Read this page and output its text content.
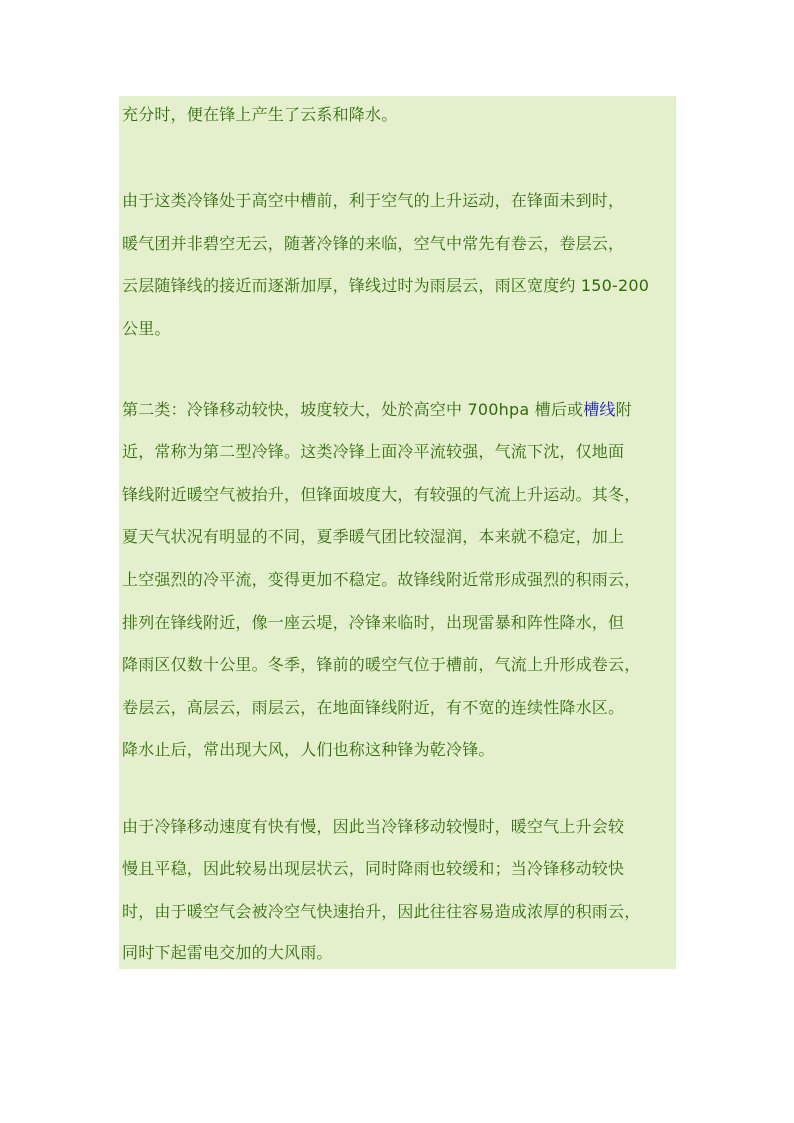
充分时，便在锋上产生了云系和降水。
由于这类冷锋处于高空中槽前，利于空气的上升运动，在锋面未到时，
暖气团并非碧空无云，随著冷锋的来临，空气中常先有卷云，卷层云，
云层随锋线的接近而逐渐加厚，锋线过时为雨层云，雨区宽度约 150-200
公里。
第二类：冷锋移动较快，坡度较大，处於高空中 700hpa 槽后或槽线附
近，常称为第二型冷锋。这类冷锋上面冷平流较强，气流下沈，仅地面
锋线附近暖空气被抬升，但锋面坡度大，有较强的气流上升运动。其冬，
夏天气状况有明显的不同，夏季暖气团比较湿润，本来就不稳定，加上
上空强烈的冷平流，变得更加不稳定。故锋线附近常形成强烈的积雨云，
排列在锋线附近，像一座云堤，冷锋来临时，出现雷暴和阵性降水，但
降雨区仅数十公里。冬季，锋前的暖空气位于槽前，气流上升形成卷云，
卷层云，高层云，雨层云，在地面锋线附近，有不宽的连续性降水区。
降水止后，常出现大风，人们也称这种锋为乾冷锋。
由于冷锋移动速度有快有慢，因此当冷锋移动较慢时，暖空气上升会较
慢且平稳，因此较易出现层状云，同时降雨也较缓和；当冷锋移动较快
时，由于暖空气会被冷空气快速抬升，因此往往容易造成浓厚的积雨云，
同时下起雷电交加的大风雨。
